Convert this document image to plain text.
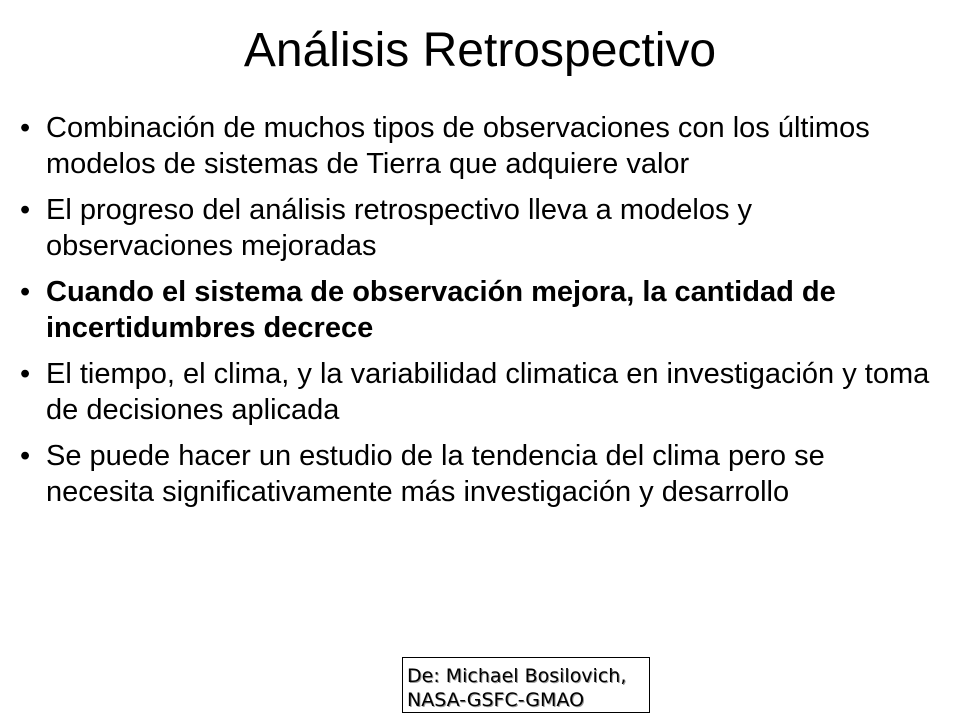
Análisis Retrospectivo
• Combinación de muchos tipos de observaciones con los últimos modelos de sistemas de Tierra que adquiere valor
• El progreso del análisis retrospectivo lleva a modelos y observaciones mejoradas
• Cuando el sistema de observación mejora, la cantidad de incertidumbres decrece
• El tiempo, el clima, y la variabilidad climatica en investigación y toma de decisiones aplicada
• Se puede hacer un estudio de la tendencia del clima pero se necesita significativamente más investigación y desarrollo
De: Michael Bosilovich, NASA-GSFC-GMAO
